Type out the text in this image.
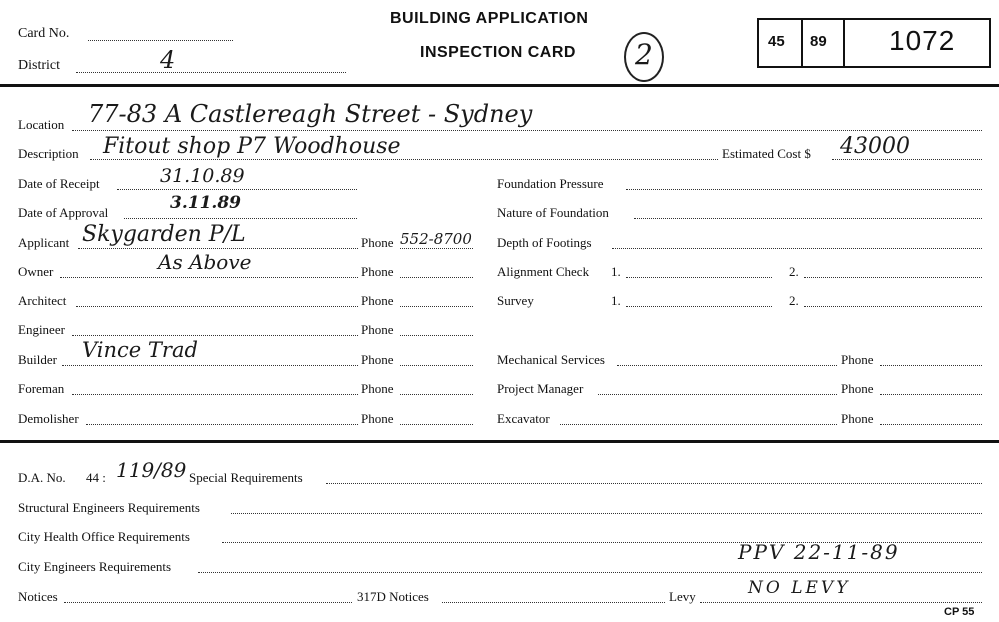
Card No.
District	4
BUILDING APPLICATION
INSPECTION CARD 2	45 89 1072
Location 77-83 A Castlereagh Street - Sydney
Description Fitout shop P7 Woodhouse	Estimated Cost $ 43000
Date of Receipt	31.10.89
Date of Approval	3.11.89
Applicant Skygarden P/L	Phone 552-8700
Owner	As Above	Phone
Architect	Phone
Engineer	Phone
Builder Vince Trad	Phone
Foreman	Phone
Demolisher	Phone
Foundation Pressure
Nature of Foundation
Depth of Footings
Alignment Check 1.	2.
Survey	1.	2.
Mechanical Services	Phone
Project Manager	Phone
Excavator	Phone
D.A. No. 44 : 119/89 Special Requirements
Structural Engineers Requirements
City Health Office Requirements
City Engineers Requirements
PPV 22-11-89
Notices	317D Notices	Levy	NO LEVY
CP 55
